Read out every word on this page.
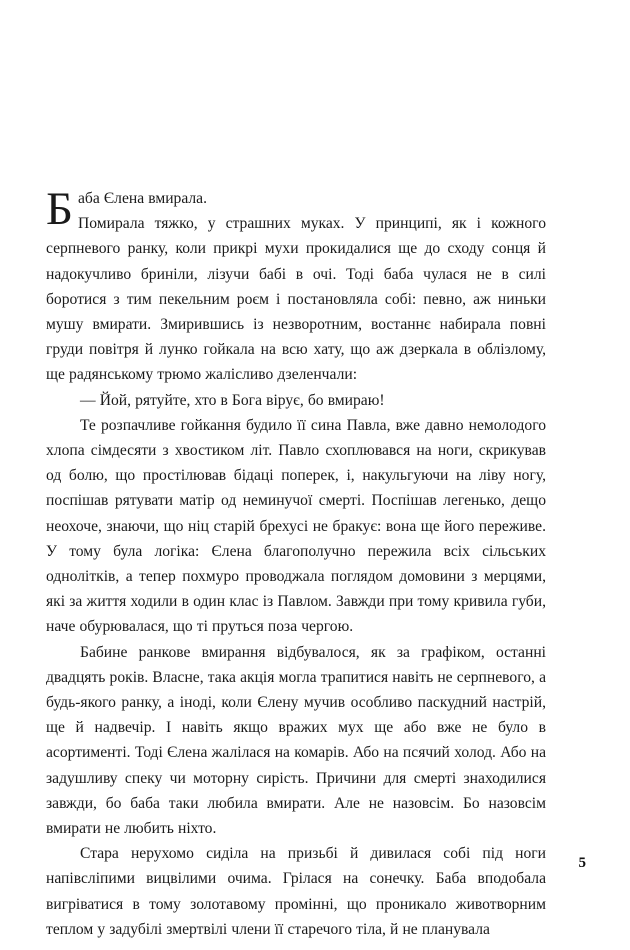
Баба Єлена вмирала.
Помирала тяжко, у страшних муках. У принципі, як і кожного серпневого ранку, коли прикрі мухи прокидалися ще до сходу сонця й надокучливо бриніли, лізучи бабі в очі. Тоді баба чулася не в силі боротися з тим пекельним роєм і постановляла собі: певно, аж ниньки мушу вмирати. Змирившись із незворотним, востаннє набирала повні груди повітря й лунко гойкала на всю хату, що аж дзеркала в облізлому, ще радянському трюмо жалісливо дзеленчали:

— Йой, рятуйте, хто в Бога вірує, бо вмираю!

Те розпачливе гойкання будило її сина Павла, вже давно немолодого хлопа сімдесяти з хвостиком літ. Павло схоплювався на ноги, скрикував од болю, що простілював бідаці поперек, і, накульгуючи на ліву ногу, поспішав рятувати матір од неминучої смерті. Поспішав легенько, дещо неохоче, знаючи, що ніц старій брехусі не бракує: вона ще його переживе. У тому була логіка: Єлена благополучно пережила всіх сільських однолітків, а тепер похмуро проводжала поглядом домовини з мерцями, які за життя ходили в один клас із Павлом. Завжди при тому кривила губи, наче обурювалася, що ті пруться поза чергою.

Бабине ранкове вмирання відбувалося, як за графіком, останні двадцять років. Власне, така акція могла трапитися навіть не серпневого, а будь-якого ранку, а іноді, коли Єлену мучив особливо паскудний настрій, ще й надвечір. І навіть якщо вражих мух ще або вже не було в асортименті. Тоді Єлена жалілася на комарів. Або на псячий холод. Або на задушливу спеку чи моторну сирість. Причини для смерті знаходилися завжди, бо баба таки любила вмирати. Але не назовсім. Бо назовсім вмирати не любить ніхто.

Стара нерухомо сиділа на призьбі й дивилася собі під ноги напівсліпими вицвілими очима. Грілася на сонечку. Баба вподобала вигріватися в тому золотавому промінні, що проникало животворним теплом у задубілі змертвілі члени її старечого тіла, й не планувала

5
